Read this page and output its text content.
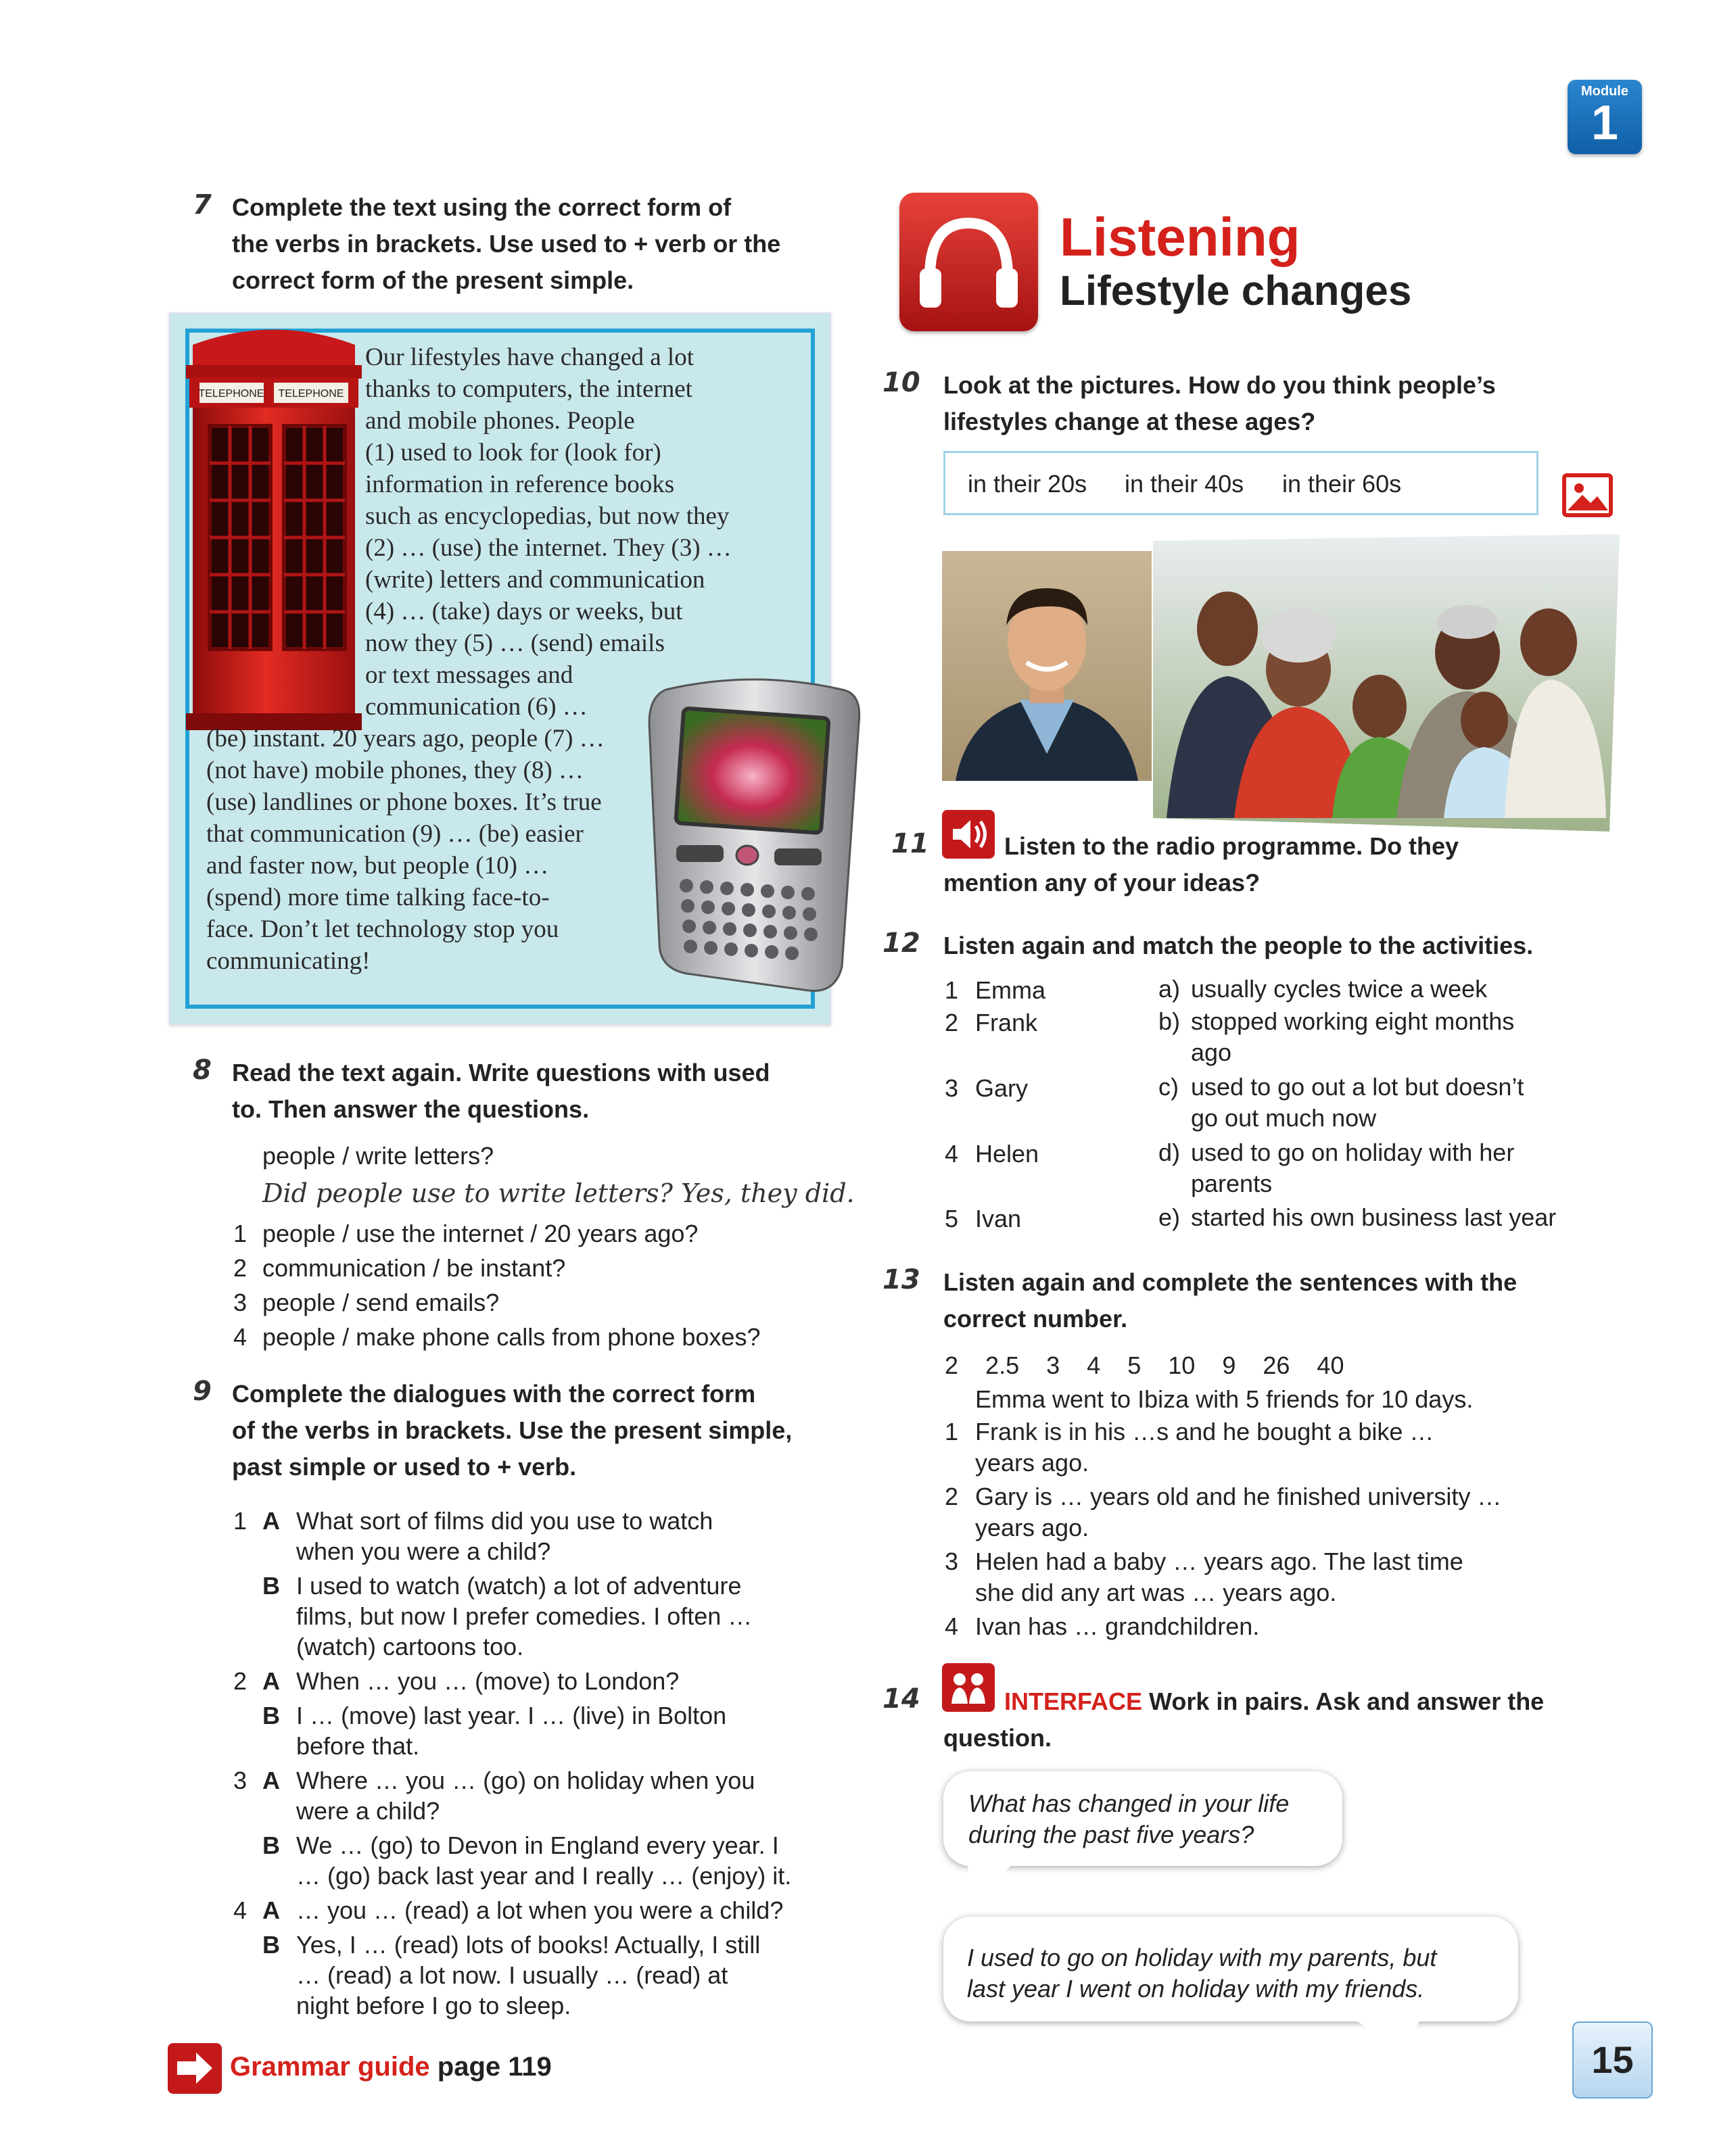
Module
1
7 Complete the text using the correct form of
the verbs in brackets. Use used to + verb or the
correct form of the present simple.
TELEPHONE TELEPHONE
Our lifestyles have changed a lot
thanks to computers, the internet
and mobile phones. People
(1) used to look for (look for)
information in reference books
such as encyclopedias, but now they
(2) … (use) the internet. They (3) …
(write) letters and communication
(4) … (take) days or weeks, but
now they (5) … (send) emails
or text messages and
communication (6) …
(be) instant. 20 years ago, people (7) …
(not have) mobile phones, they (8) …
(use) landlines or phone boxes. It’s true
that communication (9) … (be) easier
and faster now, but people (10) …
(spend) more time talking face-to-
face. Don’t let technology stop you
communicating!
8 Read the text again. Write questions with used
to. Then answer the questions.
people / write letters?
Did people use to write letters? Yes, they did.
1 people / use the internet / 20 years ago?
2 communication / be instant?
3 people / send emails?
4 people / make phone calls from phone boxes?
9 Complete the dialogues with the correct form
of the verbs in brackets. Use the present simple,
past simple or used to + verb.
1 A What sort of films did you use to watch
when you were a child?
B I used to watch (watch) a lot of adventure
films, but now I prefer comedies. I often …
(watch) cartoons too.
2 A When … you … (move) to London?
B I … (move) last year. I … (live) in Bolton
before that.
3 A Where … you … (go) on holiday when you
were a child?
B We … (go) to Devon in England every year. I
… (go) back last year and I really … (enjoy) it.
4 A … you … (read) a lot when you were a child?
B Yes, I … (read) lots of books! Actually, I still
… (read) a lot now. I usually … (read) at
night before I go to sleep.
Grammar guide page 119
Listening
Lifestyle changes
10 Look at the pictures. How do you think people’s
lifestyles change at these ages?
in their 20s in their 40s in their 60s
11	Listen to the radio programme. Do they
mention any of your ideas?
12 Listen again and match the people to the activities.
1 Emma
2 Frank
3 Gary
4 Helen
5 Ivan
a) usually cycles twice a week
b) stopped working eight months
ago
c) used to go out a lot but doesn’t
go out much now
d) used to go on holiday with her
parents
e) started his own business last year
13 Listen again and complete the sentences with the
correct number.
2 2.5 3 4 5 10 9 26 40
Emma went to Ibiza with 5 friends for 10 days.
1 Frank is in his …s and he bought a bike …
years ago.
2 Gary is … years old and he finished university …
years ago.
3 Helen had a baby … years ago. The last time
she did any art was … years ago.
4 Ivan has … grandchildren.
14	INTERFACE Work in pairs. Ask and answer the
question.
What has changed in your life
during the past five years?
I used to go on holiday with my parents, but
last year I went on holiday with my friends.
15
